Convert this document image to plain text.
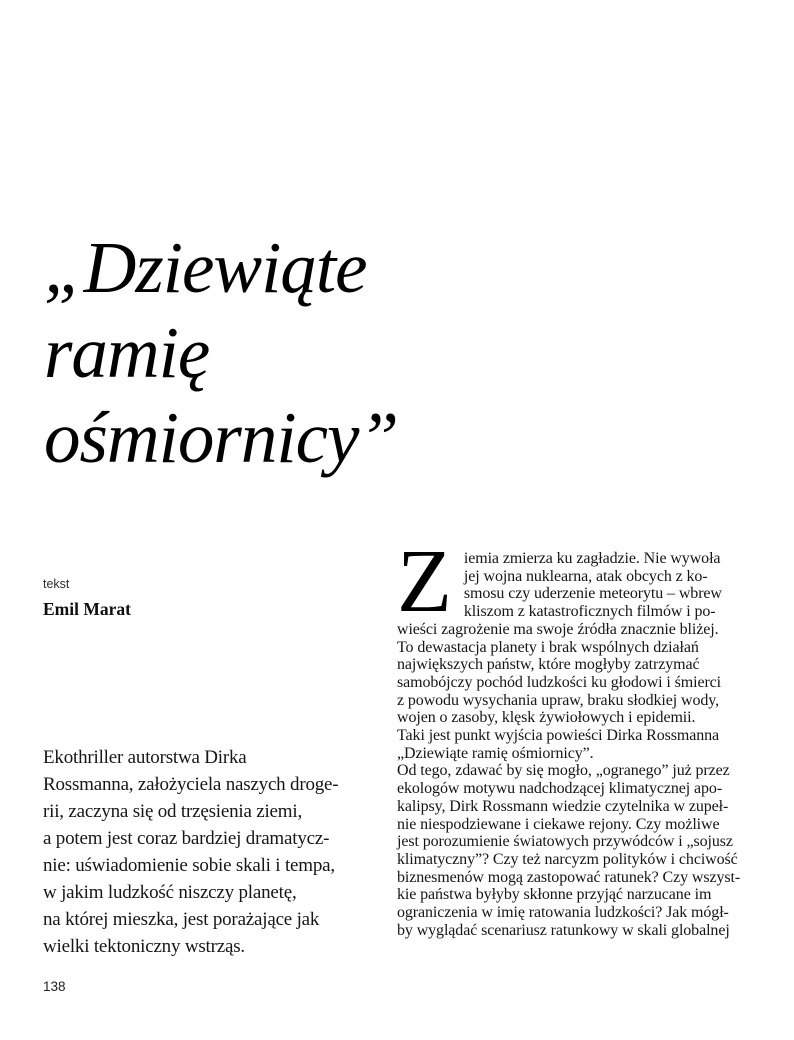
„Dziewiąte
ramię
ośmiornicy”
tekst
Emil Marat
Ekothriller autorstwa Dirka
Rossmanna, założyciela naszych droge-
rii, zaczyna się od trzęsienia ziemi,
a potem jest coraz bardziej dramatycz-
nie: uświadomienie sobie skali i tempa,
w jakim ludzkość niszczy planetę,
na której mieszka, jest porażające jak
wielki tektoniczny wstrząs.
Z iemia zmierza ku zagładzie. Nie wywoła
jej wojna nuklearna, atak obcych z ko-
smosu czy uderzenie meteorytu – wbrew
kliszom z katastroficznych filmów i po-
wieści zagrożenie ma swoje źródła znacznie bliżej.
To dewastacja planety i brak wspólnych działań
największych państw, które mogłyby zatrzymać
samobójczy pochód ludzkości ku głodowi i śmierci
z powodu wysychania upraw, braku słodkiej wody,
wojen o zasoby, klęsk żywiołowych i epidemii.
Taki jest punkt wyjścia powieści Dirka Rossmanna
„Dziewiąte ramię ośmiornicy”.
Od tego, zdawać by się mogło, „ogranego” już przez
ekologów motywu nadchodzącej klimatycznej apo-
kalipsy, Dirk Rossmann wiedzie czytelnika w zupeł-
nie niespodziewane i ciekawe rejony. Czy możliwe
jest porozumienie światowych przywódców i „sojusz
klimatyczny”? Czy też narcyzm polityków i chciwość
biznesmenów mogą zastopować ratunek? Czy wszyst-
kie państwa byłyby skłonne przyjąć narzucane im
ograniczenia w imię ratowania ludzkości? Jak mógł-
by wyglądać scenariusz ratunkowy w skali globalnej
138
